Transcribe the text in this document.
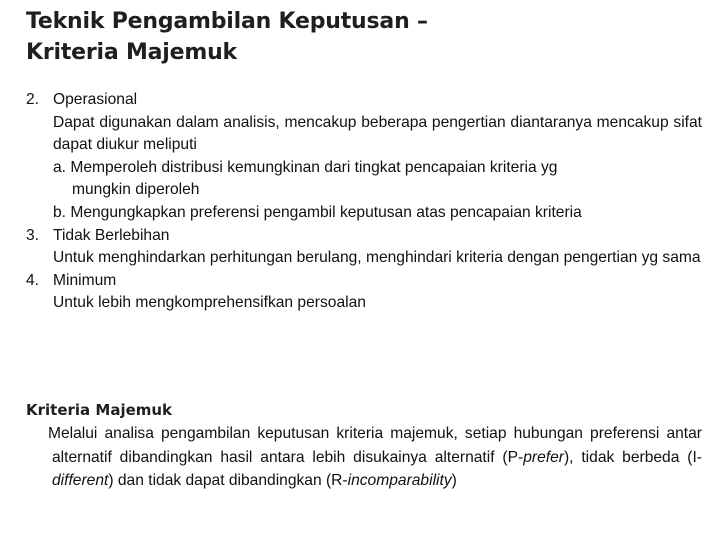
Teknik Pengambilan Keputusan –
Kriteria Majemuk
2. Operasional
Dapat digunakan dalam analisis, mencakup beberapa pengertian diantaranya mencakup sifat dapat diukur meliputi
a. Memperoleh distribusi kemungkinan dari tingkat pencapaian kriteria yg
mungkin diperoleh
b. Mengungkapkan preferensi pengambil keputusan atas pencapaian kriteria
3. Tidak Berlebihan
Untuk menghindarkan perhitungan berulang, menghindari kriteria dengan pengertian yg sama
4. Minimum
Untuk lebih mengkomprehensifkan persoalan
Kriteria Majemuk
Melalui analisa pengambilan keputusan kriteria majemuk, setiap hubungan preferensi antar alternatif dibandingkan hasil antara lebih disukainya alternatif (P-prefer), tidak berbeda (I-different) dan tidak dapat dibandingkan (R-incomparability)
